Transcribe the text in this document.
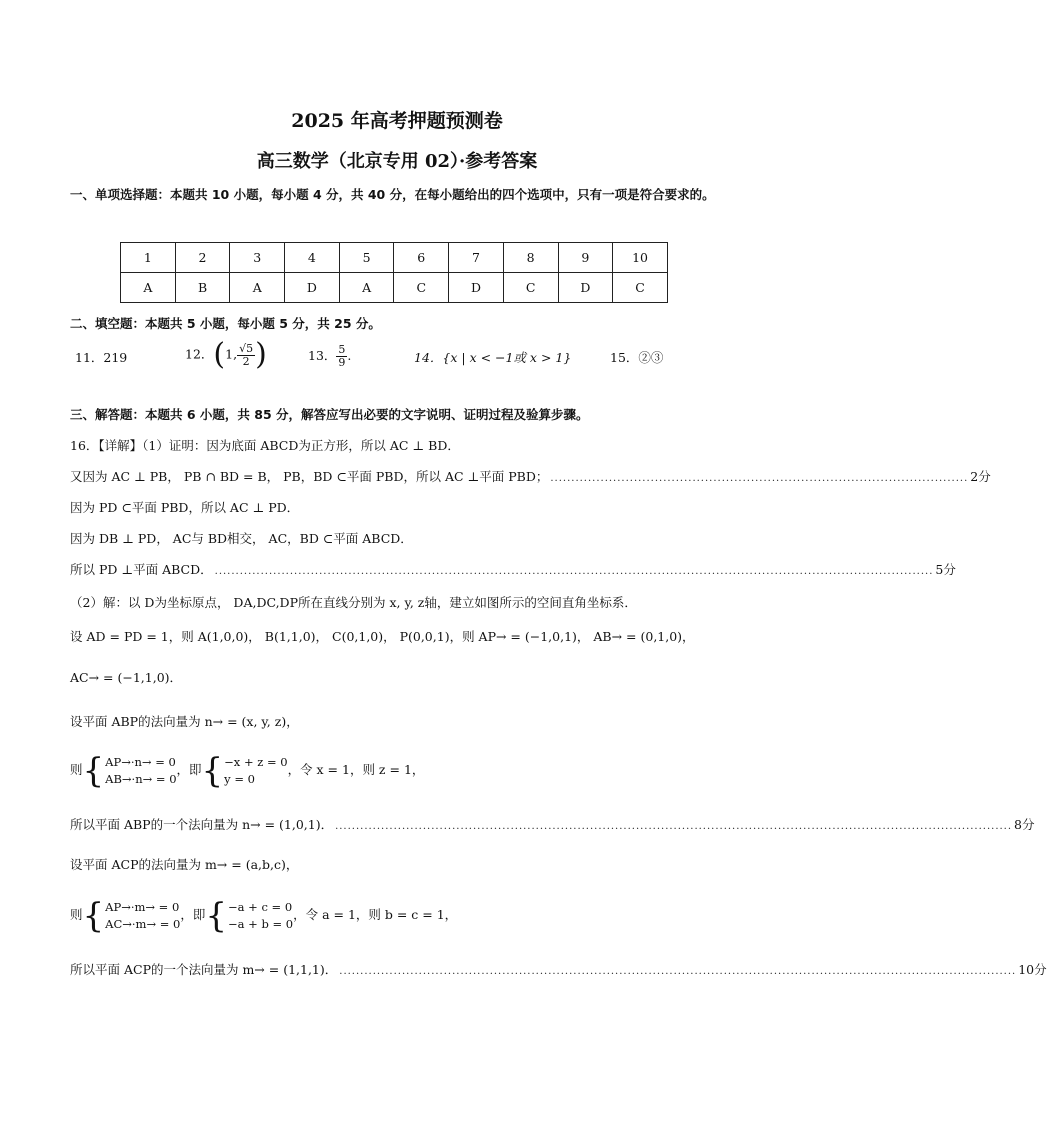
2025 年高考押题预测卷
高三数学（北京专用 02）·参考答案
一、单项选择题：本题共 10 小题，每小题 4 分，共 40 分，在每小题给出的四个选项中，只有一项是符合要求的。
1	2	3	4	5	6	7	8	9	10
A	B	A	D	A	C	D	C	D	C
二、填空题：本题共 5 小题，每小题 5 分，共 25 分。
11．219	12．(1, $\frac{√5}{2}$ )	13． $\frac{5}{9}$ .	14．{x | x < −1或 x > 1}	15．②③
三、解答题：本题共 6 小题，共 85 分，解答应写出必要的文字说明、证明过程及验算步骤。
16．【详解】（1）证明：因为底面 ABCD为正方形，所以 AC ⊥ BD．
又因为 AC ⊥ PB， PB ∩ BD = B， PB，BD ⊂平面 PBD，所以 AC ⊥平面 PBD； .................................................................................................... 2分
因为 PD ⊂平面 PBD，所以 AC ⊥ PD．
因为 DB ⊥ PD， AC与 BD相交， AC，BD ⊂平面 ABCD．
所以 PD ⊥平面 ABCD． ............................................................................................................................................................................ 5分
（2）解：以 D为坐标原点， DA,DC,DP所在直线分别为 x, y, z轴，建立如图所示的空间直角坐标系．
设 AD = PD = 1，则 A(1,0,0)， B(1,1,0)， C(0,1,0)， P(0,0,1)，则 AP→ = (−1,0,1)， AB→ = (0,1,0)，
AC→ = (−1,1,0)．
设平面 ABP的法向量为 n→ = (x, y, z)，
则 { AP→·n→ = 0
AB→·n→ = 0
，即 { −x + z = 0
y = 0
，令 x = 1，则 z = 1，
所以平面 ABP的一个法向量为 n→ = (1,0,1)． .................................................................................................................................................................. 8分
设平面 ACP的法向量为 m→ = (a,b,c)，
则 { AP→·m→ = 0
AC→·m→ = 0
，即 { −a + c = 0
−a + b = 0
，令 a = 1，则 b = c = 1，
所以平面 ACP的一个法向量为 m→ = (1,1,1)． .................................................................................................................................................................. 10分
